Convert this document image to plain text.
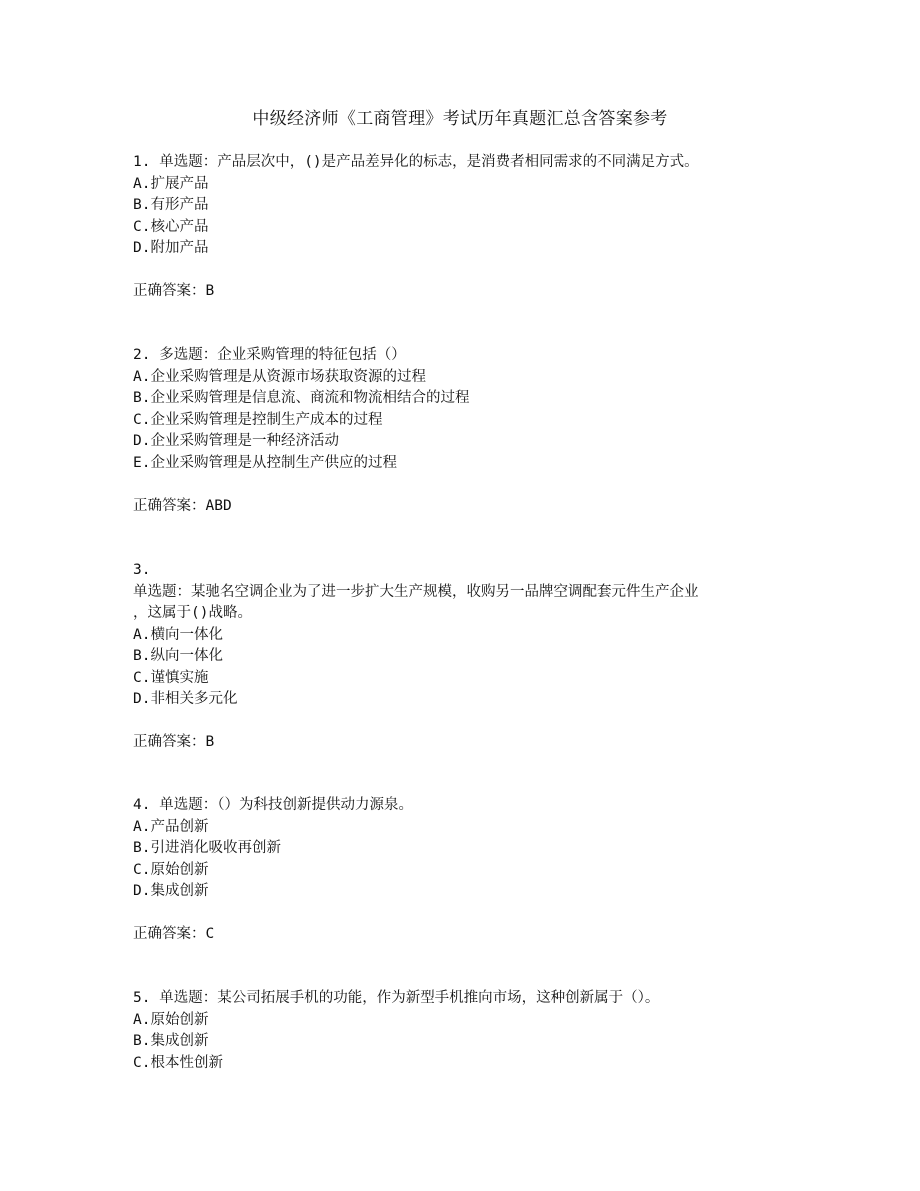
中级经济师《工商管理》考试历年真题汇总含答案参考
1. 单选题：产品层次中，()是产品差异化的标志，是消费者相同需求的不同满足方式。
A.扩展产品
B.有形产品
C.核心产品
D.附加产品
正确答案：B
2. 多选题：企业采购管理的特征包括（）
A.企业采购管理是从资源市场获取资源的过程
B.企业采购管理是信息流、商流和物流相结合的过程
C.企业采购管理是控制生产成本的过程
D.企业采购管理是一种经济活动
E.企业采购管理是从控制生产供应的过程
正确答案：ABD
3.
单选题：某驰名空调企业为了进一步扩大生产规模，收购另一品牌空调配套元件生产企业
，这属于()战略。
A.横向一体化
B.纵向一体化
C.谨慎实施
D.非相关多元化
正确答案：B
4. 单选题：（）为科技创新提供动力源泉。
A.产品创新
B.引进消化吸收再创新
C.原始创新
D.集成创新
正确答案：C
5. 单选题：某公司拓展手机的功能，作为新型手机推向市场，这种创新属于（）。
A.原始创新
B.集成创新
C.根本性创新
